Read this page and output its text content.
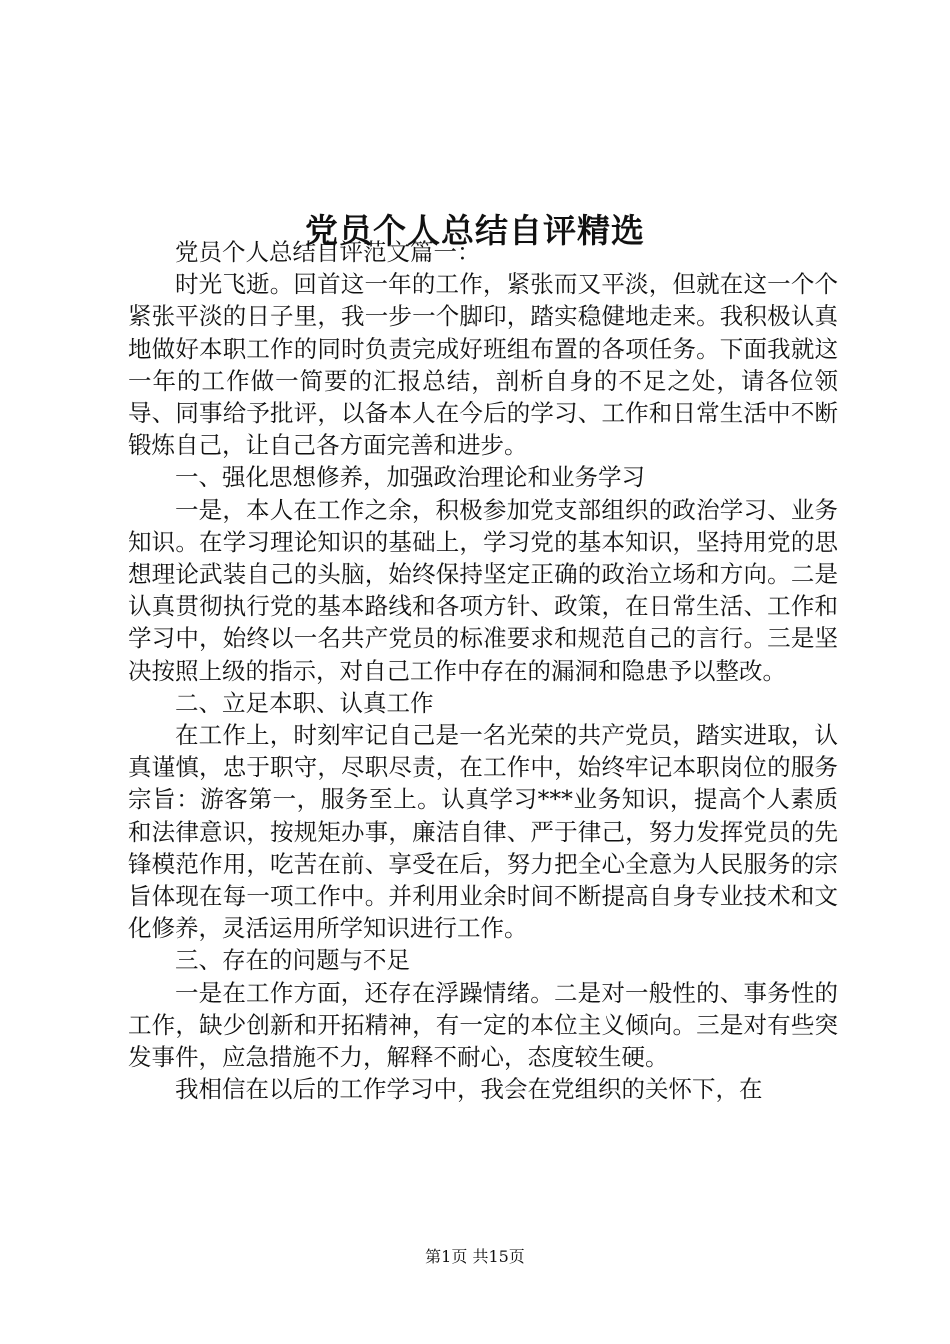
党员个人总结自评精选

党员个人总结自评范文篇一：

时光飞逝。回首这一年的工作，紧张而又平淡，但就在这一个个紧张平淡的日子里，我一步一个脚印，踏实稳健地走来。我积极认真地做好本职工作的同时负责完成好班组布置的各项任务。下面我就这一年的工作做一简要的汇报总结，剖析自身的不足之处，请各位领导、同事给予批评，以备本人在今后的学习、工作和日常生活中不断锻炼自己，让自己各方面完善和进步。

一、强化思想修养，加强政治理论和业务学习

一是，本人在工作之余，积极参加党支部组织的政治学习、业务知识。在学习理论知识的基础上，学习党的基本知识，坚持用党的思想理论武装自己的头脑，始终保持坚定正确的政治立场和方向。二是认真贯彻执行党的基本路线和各项方针、政策，在日常生活、工作和学习中，始终以一名共产党员的标准要求和规范自己的言行。三是坚决按照上级的指示，对自己工作中存在的漏洞和隐患予以整改。

二、立足本职、认真工作

在工作上，时刻牢记自己是一名光荣的共产党员，踏实进取，认真谨慎，忠于职守，尽职尽责，在工作中，始终牢记本职岗位的服务宗旨：游客第一，服务至上。认真学习***业务知识，提高个人素质和法律意识，按规矩办事，廉洁自律、严于律己，努力发挥党员的先锋模范作用，吃苦在前、享受在后，努力把全心全意为人民服务的宗旨体现在每一项工作中。并利用业余时间不断提高自身专业技术和文化修养，灵活运用所学知识进行工作。

三、存在的问题与不足

一是在工作方面，还存在浮躁情绪。二是对一般性的、事务性的工作，缺少创新和开拓精神，有一定的本位主义倾向。三是对有些突发事件，应急措施不力，解释不耐心，态度较生硬。

我相信在以后的工作学习中，我会在党组织的关怀下，在

第1页 共15页
